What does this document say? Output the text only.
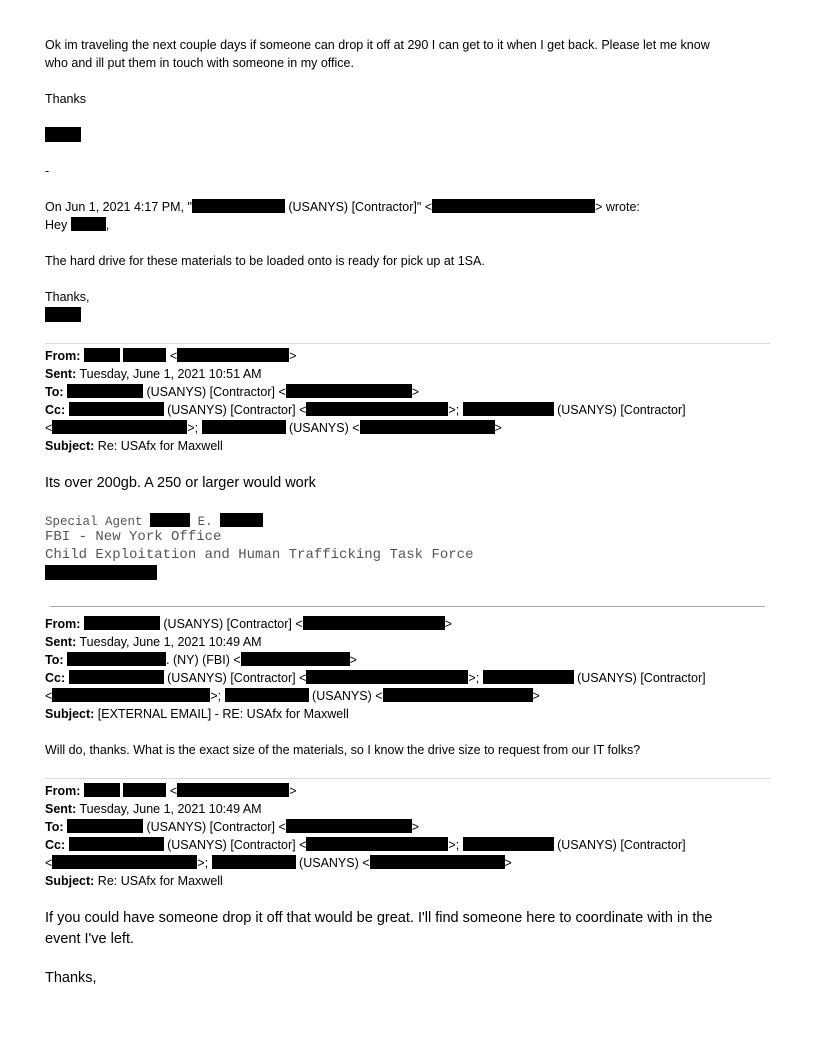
Ok im traveling the next couple days if someone can drop it off at 290 I can get to it when I get back. Please let me know
who and ill put them in touch with someone in my office.
Thanks
-
On Jun 1, 2021 4:17 PM, "	(USANYS) [Contractor]" <	> wrote:
Hey	,
The hard drive for these materials to be loaded onto is ready for pick up at 1SA.
Thanks,
From:	<	>
Sent: Tuesday, June 1, 2021 10:51 AM
To:	(USANYS) [Contractor] <	>
Cc:	(USANYS) [Contractor] <	>;	(USANYS) [Contractor]
<	>;	(USANYS) <	>
Subject: Re: USAfx for Maxwell
Its over 200gb. A 250 or larger would work
Special Agent	E.
FBI - New York Office
Child Exploitation and Human Trafficking Task Force
From:	(USANYS) [Contractor] <	>
Sent: Tuesday, June 1, 2021 10:49 AM
To:	. (NY) (FBI) <	>
Cc:	(USANYS) [Contractor] <	>;	(USANYS) [Contractor]
<	>;	(USANYS) <	>
Subject: [EXTERNAL EMAIL] - RE: USAfx for Maxwell
Will do, thanks. What is the exact size of the materials, so I know the drive size to request from our IT folks?
From:	<	>
Sent: Tuesday, June 1, 2021 10:49 AM
To:	(USANYS) [Contractor] <	>
Cc:	(USANYS) [Contractor] <	>;	(USANYS) [Contractor]
<	>;	(USANYS) <	>
Subject: Re: USAfx for Maxwell
If you could have someone drop it off that would be great. I'll find someone here to coordinate with in the
event I've left.
Thanks,
